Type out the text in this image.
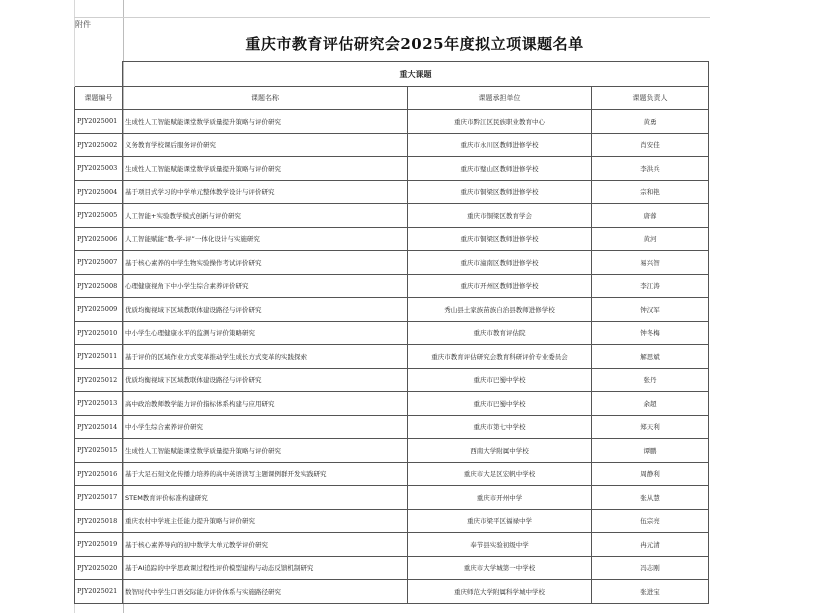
附件
重庆市教育评估研究会2025年度拟立项课题名单
	重大课题		
课题编号	课题名称	课题承担单位	课题负责人
PJY2025001	生成性人工智能赋能课堂数学质量提升策略与评价研究	重庆市黔江区民族职业教育中心	黄勇
PJY2025002	义务教育学校课后服务评价研究	重庆市永川区教师进修学校	肖安佳
PJY2025003	生成性人工智能赋能课堂数学质量提升策略与评价研究	重庆市璧山区教师进修学校	李洪兵
PJY2025004	基于项目式学习的中学单元整体教学设计与评价研究	重庆市铜梁区教师进修学校	宗和艳
PJY2025005	人工智能+实验教学模式创新与评价研究	重庆市铜梁区教育学会	唐蓉
PJY2025006	人工智能赋能“教-学-评”一体化设计与实施研究	重庆市铜梁区教师进修学校	黄河
PJY2025007	基于核心素养的中学生物实验操作考试评价研究	重庆市潼南区教师进修学校	易兴智
PJY2025008	心理健康视角下中小学生综合素养评价研究	重庆市开州区教师进修学校	李江涛
PJY2025009	优质均衡视域下区域教联体建设路径与评价研究	秀山县土家族苗族自治县教师进修学校	钟汉军
PJY2025010	中小学生心理健康水平的监测与评价策略研究	重庆市教育评估院	钟冬梅
PJY2025011	基于评价的区域作业方式变革推动学生成长方式变革的实践探索	重庆市教育评估研究会教育科研评价专业委员会	解思斌
PJY2025012	优质均衡视域下区域教联体建设路径与评价研究	重庆市巴蜀中学校	张丹
PJY2025013	高中政治教师教学能力评价指标体系构建与应用研究	重庆市巴蜀中学校	余超
PJY2025014	中小学生综合素养评价研究	重庆市第七中学校	郑天利
PJY2025015	生成性人工智能赋能课堂数学质量提升策略与评价研究	西南大学附属中学校	谭鹏
PJY2025016	基于大足石刻文化传播力培养的高中英语读写主题课例群开发实践研究	重庆市大足区宏帆中学校	周静利
PJY2025017	STEM教育评价标准构建研究	重庆市开州中学	张从慧
PJY2025018	重庆农村中学班主任能力提升策略与评价研究	重庆市梁平区福禄中学	伍宗亮
PJY2025019	基于核心素养导向的初中数学大单元教学评价研究	奉节县实验初级中学	冉元清
PJY2025020	基于AI追踪的中学思政课过程性评价模型建构与动态反馈机制研究	重庆市大学城第一中学校	冯志刚
PJY2025021	数智时代中学生口语交际能力评价体系与实施路径研究	重庆师范大学附属科学城中学校	张进宝
